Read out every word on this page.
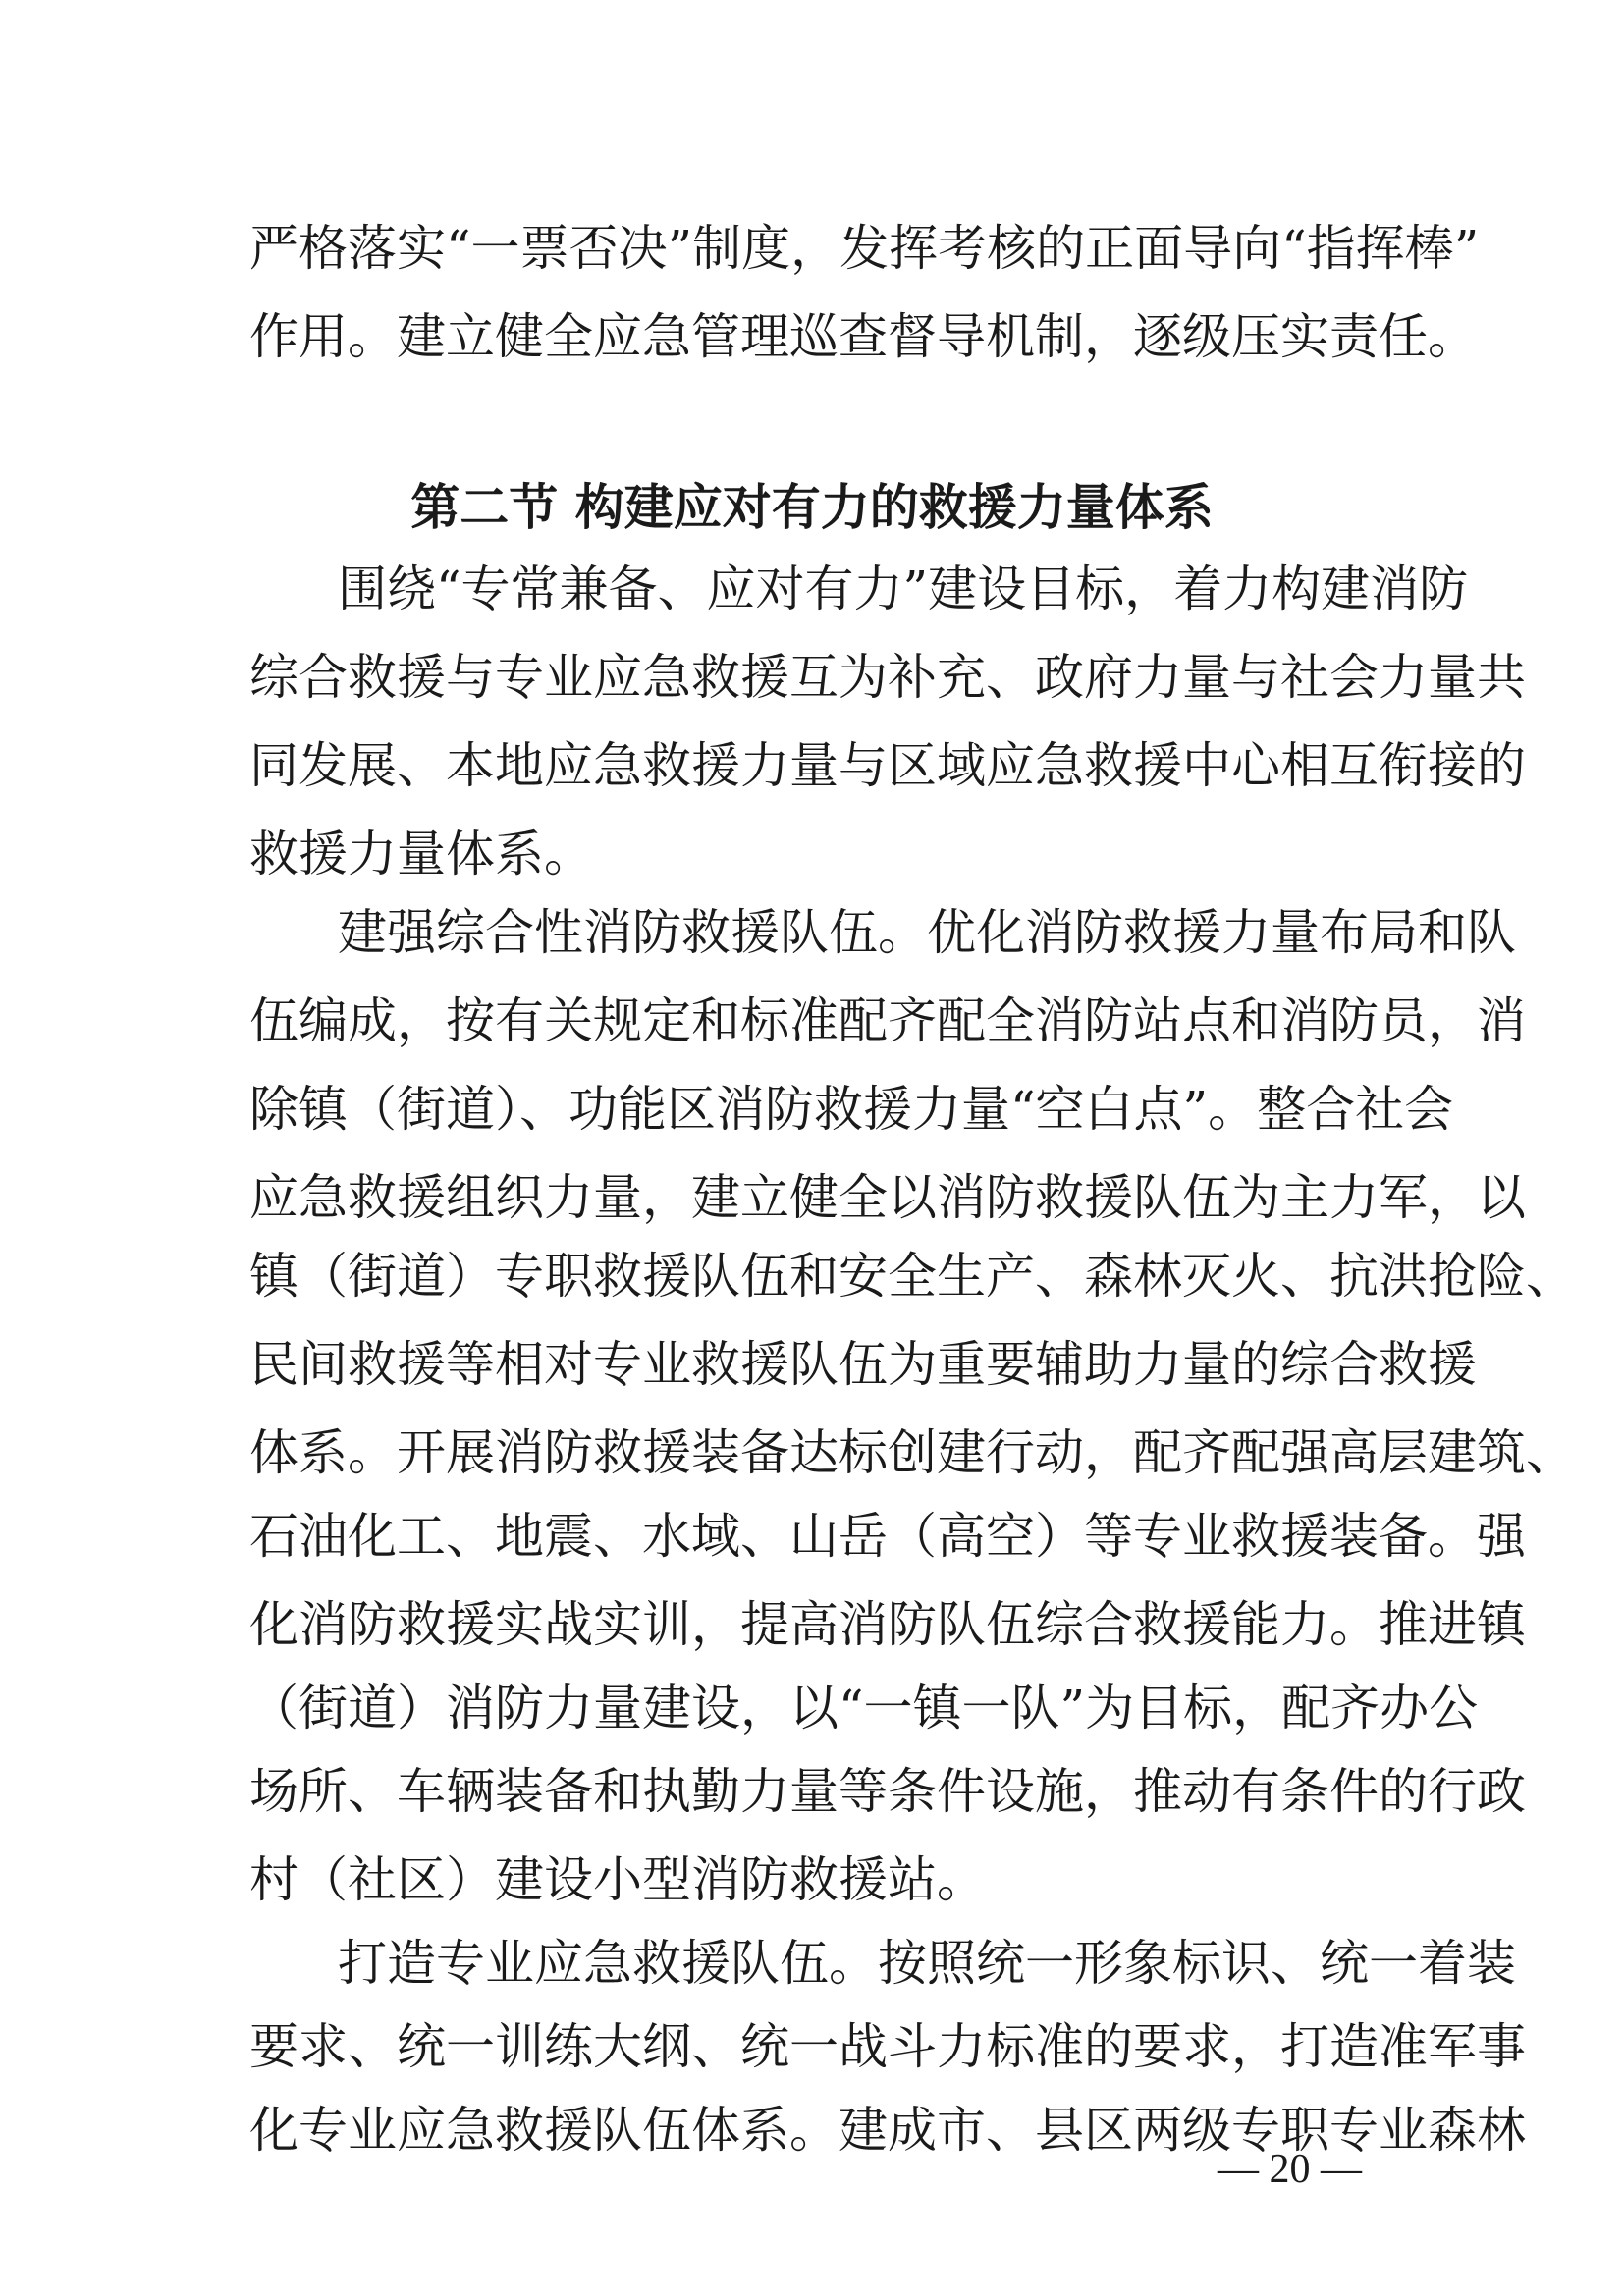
严格落实“一票否决”制度，发挥考核的正面导向“指挥棒”
作用。建立健全应急管理巡查督导机制，逐级压实责任。
第二节 构建应对有力的救援力量体系
围绕“专常兼备、应对有力”建设目标，着力构建消防
综合救援与专业应急救援互为补充、政府力量与社会力量共
同发展、本地应急救援力量与区域应急救援中心相互衔接的
救援力量体系。
建强综合性消防救援队伍。优化消防救援力量布局和队
伍编成，按有关规定和标准配齐配全消防站点和消防员，消
除镇（街道）、功能区消防救援力量“空白点”。整合社会
应急救援组织力量，建立健全以消防救援队伍为主力军，以
镇（街道）专职救援队伍和安全生产、森林灭火、抗洪抢险、
民间救援等相对专业救援队伍为重要辅助力量的综合救援
体系。开展消防救援装备达标创建行动，配齐配强高层建筑、
石油化工、地震、水域、山岳（高空）等专业救援装备。强
化消防救援实战实训，提高消防队伍综合救援能力。推进镇
（街道）消防力量建设，以“一镇一队”为目标，配齐办公
场所、车辆装备和执勤力量等条件设施，推动有条件的行政
村（社区）建设小型消防救援站。
打造专业应急救援队伍。按照统一形象标识、统一着装
要求、统一训练大纲、统一战斗力标准的要求，打造准军事
化专业应急救援队伍体系。建成市、县区两级专职专业森林
— 20 —
